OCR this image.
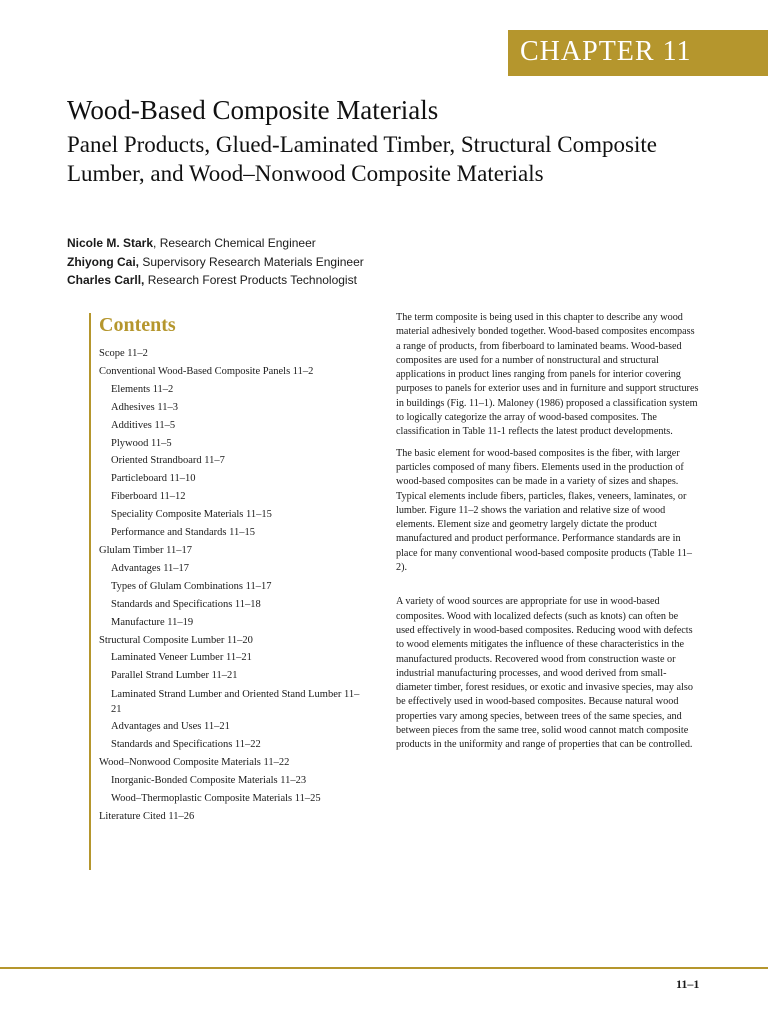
CHAPTER 11
Wood-Based Composite Materials
Panel Products, Glued-Laminated Timber, Structural Composite Lumber, and Wood–Nonwood Composite Materials
Nicole M. Stark, Research Chemical Engineer
Zhiyong Cai, Supervisory Research Materials Engineer
Charles Carll, Research Forest Products Technologist
Contents
Scope 11–2
Conventional Wood-Based Composite Panels 11–2
Elements 11–2
Adhesives 11–3
Additives 11–5
Plywood 11–5
Oriented Strandboard 11–7
Particleboard 11–10
Fiberboard 11–12
Speciality Composite Materials 11–15
Performance and Standards 11–15
Glulam Timber 11–17
Advantages 11–17
Types of Glulam Combinations 11–17
Standards and Specifications 11–18
Manufacture 11–19
Structural Composite Lumber 11–20
Laminated Veneer Lumber 11–21
Parallel Strand Lumber 11–21
Laminated Strand Lumber and Oriented Stand Lumber 11–21
Advantages and Uses 11–21
Standards and Specifications 11–22
Wood–Nonwood Composite Materials 11–22
Inorganic-Bonded Composite Materials 11–23
Wood–Thermoplastic Composite Materials 11–25
Literature Cited 11–26

The term composite is being used in this chapter to describe any wood material adhesively bonded together. Wood-based composites encompass a range of products, from fiberboard to laminated beams. Wood-based composites are used for a number of nonstructural and structural applications in product lines ranging from panels for interior covering purposes to panels for exterior uses and in furniture and support structures in buildings (Fig. 11–1). Maloney (1986) proposed a classification system to logically categorize the array of wood-based composites. The classification in Table 11-1 reflects the latest product developments.

The basic element for wood-based composites is the fiber, with larger particles composed of many fibers. Elements used in the production of wood-based composites can be made in a variety of sizes and shapes. Typical elements include fibers, particles, flakes, veneers, laminates, or lumber. Figure 11–2 shows the variation and relative size of wood elements. Element size and geometry largely dictate the product manufactured and product performance. Performance standards are in place for many conventional wood-based composite products (Table 11–2).

A variety of wood sources are appropriate for use in wood-based composites. Wood with localized defects (such as knots) can often be used effectively in wood-based composites. Reducing wood with defects to wood elements mitigates the influence of these characteristics in the manufactured products. Recovered wood from construction waste or industrial manufacturing processes, and wood derived from small-diameter timber, forest residues, or exotic and invasive species, may also be effectively used in wood-based composites. Because natural wood properties vary among species, between trees of the same species, and between pieces from the same tree, solid wood cannot match composite products in the uniformity and range of properties that can be controlled.

11–1
